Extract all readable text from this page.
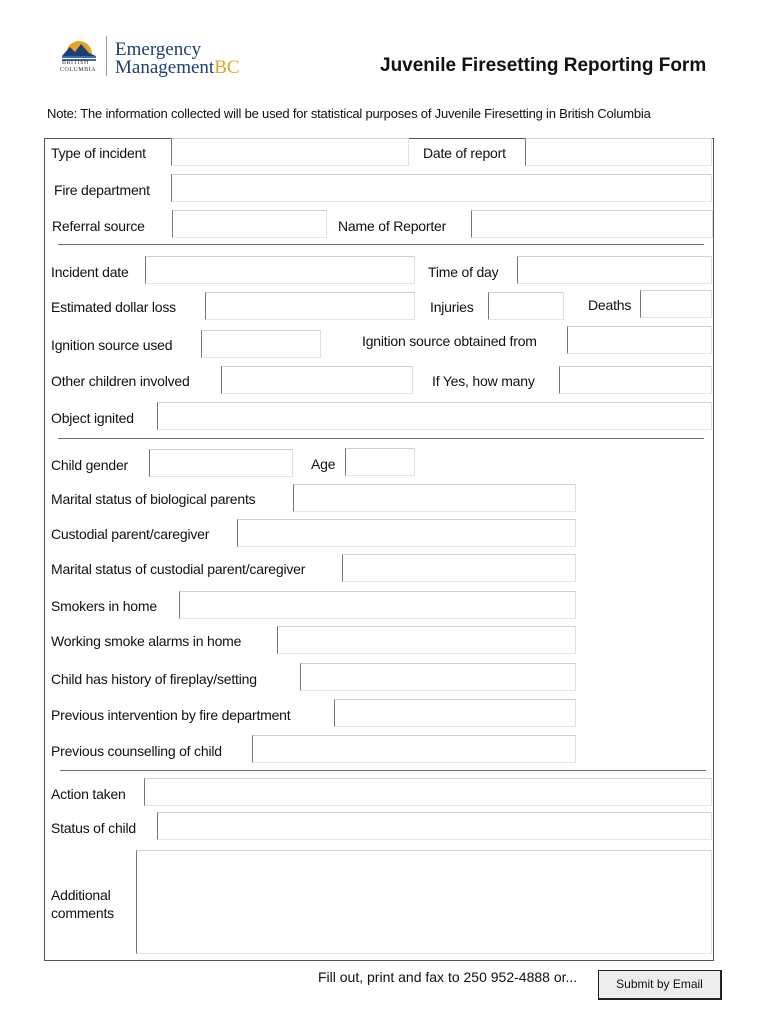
BRITISH
COLUMBIA
Emergency
ManagementBC	Juvenile Firesetting Reporting Form
Note: The information collected will be used for statistical purposes of Juvenile Firesetting in British Columbia
Type of incident	Date of report
Fire department
Referral source	Name of Reporter
Incident date	Time of day
Estimated dollar loss	Injuries	Deaths
Ignition source used	Ignition source obtained from
Other children involved	If Yes, how many
Object ignited
Child gender	Age
Marital status of biological parents
Custodial parent/caregiver
Marital status of custodial parent/caregiver
Smokers in home
Working smoke alarms in home
Child has history of fireplay/setting
Previous intervention by fire department
Previous counselling of child
Action taken
Status of child
Additional
comments
Fill out, print and fax to 250 952-4888 or...	Submit by Email
